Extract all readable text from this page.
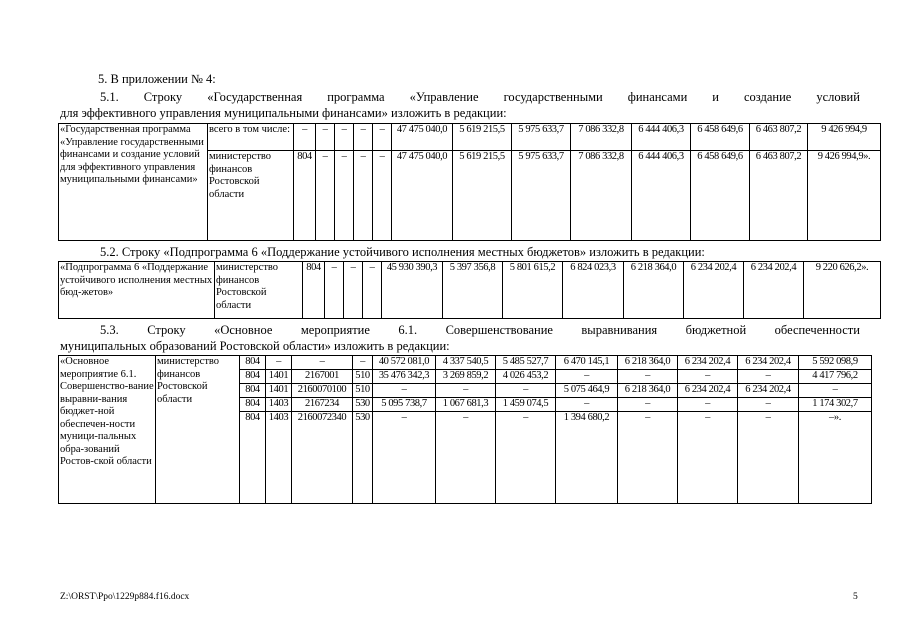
5. В приложении № 4:
5.1. Строку «Государственная программа «Управление государственными финансами и создание условий
для эффективного управления муниципальными финансами» изложить в редакции:
«Государственная программа «Управление государственными финансами и создание условий для эффективного управления муниципальными финансами»	всего в том числе:	–	–	–	–	–	47 475 040,0	5 619 215,5	5 975 633,7	7 086 332,8	6 444 406,3	6 458 649,6	6 463 807,2	9 426 994,9
	министерство финансов Ростовской области	804	–	–	–	–	47 475 040,0	5 619 215,5	5 975 633,7	7 086 332,8	6 444 406,3	6 458 649,6	6 463 807,2	9 426 994,9».
5.2. Строку «Подпрограмма 6 «Поддержание устойчивого исполнения местных бюджетов» изложить в редакции:
«Подпрограмма 6 «Поддержание устойчивого исполнения местных бюд-жетов»	министерство финансов Ростовской области	804	–	–	–	45 930 390,3	5 397 356,8	5 801 615,2	6 824 023,3	6 218 364,0	6 234 202,4	6 234 202,4	9 220 626,2».
5.3. Строку «Основное мероприятие 6.1. Совершенствование выравнивания бюджетной обеспеченности
муниципальных образований Ростовской области» изложить в редакции:
«Основное мероприятие 6.1. Совершенство-вание выравни-вания бюджет-ной обеспечен-ности муници-пальных обра-зований Ростов-ской области	министерство финансов Ростовской области	804	–	–	–	40 572 081,0	4 337 540,5	5 485 527,7	6 470 145,1	6 218 364,0	6 234 202,4	6 234 202,4	5 592 098,9
		804	1401	2167001	510	35 476 342,3	3 269 859,2	4 026 453,2	–	–	–	–	4 417 796,2
		804	1401	2160070100	510	–	–	–	5 075 464,9	6 218 364,0	6 234 202,4	6 234 202,4	–
		804	1403	2167234	530	5 095 738,7	1 067 681,3	1 459 074,5	–	–	–	–	1 174 302,7
		804	1403	2160072340	530	–	–	–	1 394 680,2	–	–	–	–».
Z:\ORST\Ppo\1229p884.f16.docx	5
